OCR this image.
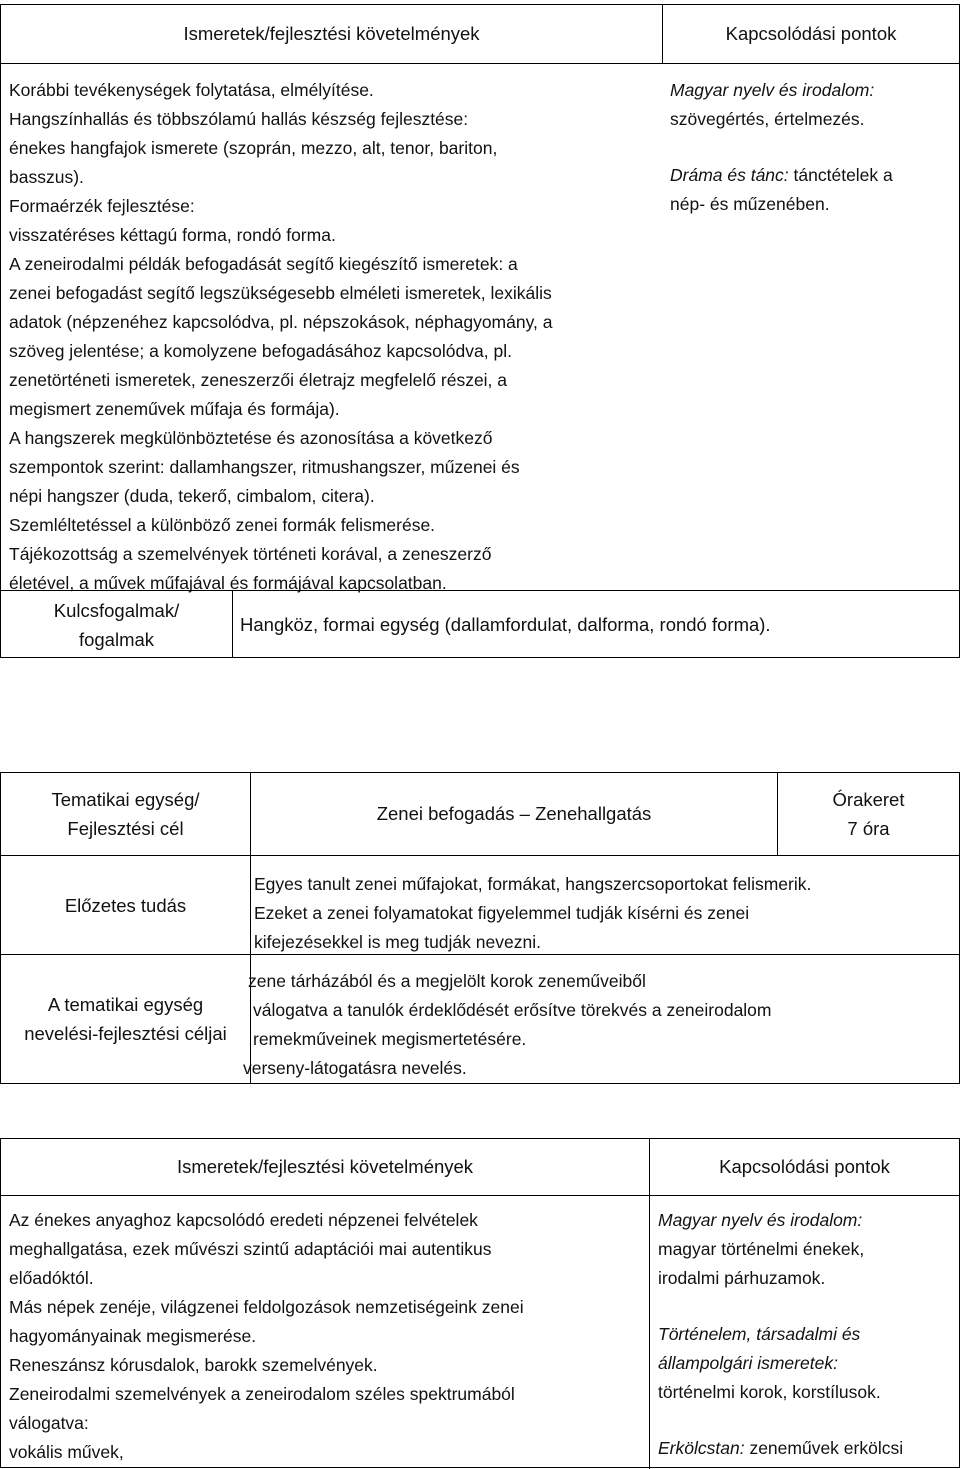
Ismeretek/fejlesztési követelmények	Kapcsolódási pontok
Korábbi tevékenységek folytatása, elmélyítése.
Hangszínhallás és többszólamú hallás készség fejlesztése:
énekes hangfajok ismerete (szoprán, mezzo, alt, tenor, bariton,
basszus).
Formaérzék fejlesztése:
visszatéréses kéttagú forma, rondó forma.
A zeneirodalmi példák befogadását segítő kiegészítő ismeretek: a
zenei befogadást segítő legszükségesebb elméleti ismeretek, lexikális
adatok (népzenéhez kapcsolódva, pl. népszokások, néphagyomány, a
szöveg jelentése; a komolyzene befogadásához kapcsolódva, pl.
zenetörténeti ismeretek, zeneszerzői életrajz megfelelő részei, a
megismert zeneművek műfaja és formája).
A hangszerek megkülönböztetése és azonosítása a következő
szempontok szerint: dallamhangszer, ritmushangszer, műzenei és
népi hangszer (duda, tekerő, cimbalom, citera).
Szemléltetéssel a különböző zenei formák felismerése.
Tájékozottság a szemelvények történeti korával, a zeneszerző
életével, a művek műfajával és formájával kapcsolatban.
Magyar nyelv és irodalom:
szövegértés, értelmezés.
Dráma és tánc: tánctételek a
nép- és műzenében.
Kulcsfogalmak/
fogalmak
Hangköz, formai egység (dallamfordulat, dalforma, rondó forma).
Tematikai egység/
Fejlesztési cél
Zenei befogadás – Zenehallgatás
Órakeret
7 óra
Előzetes tudás
Egyes tanult zenei műfajokat, formákat, hangszercsoportokat felismerik.
Ezeket a zenei folyamatokat figyelemmel tudják kísérni és zenei
kifejezésekkel is meg tudják nevezni.
A tematikai egység
nevelési-fejlesztési céljai
zene tárházából és a megjelölt korok zeneműveiből
válogatva a tanulók érdeklődését erősítve törekvés a zeneirodalom
remekműveinek megismertetésére.
verseny-látogatásra nevelés.
Ismeretek/fejlesztési követelmények	Kapcsolódási pontok
Az énekes anyaghoz kapcsolódó eredeti népzenei felvételek
meghallgatása, ezek művészi szintű adaptációi mai autentikus
előadóktól.
Más népek zenéje, világzenei feldolgozások nemzetiségeink zenei
hagyományainak megismerése.
Reneszánsz kórusdalok, barokk szemelvények.
Zeneirodalmi szemelvények a zeneirodalom széles spektrumából
válogatva:
vokális művek,
Magyar nyelv és irodalom:
magyar történelmi énekek,
irodalmi párhuzamok.
Történelem, társadalmi és
állampolgári ismeretek:
történelmi korok, korstílusok.
Erkölcstan: zeneművek erkölcsi
